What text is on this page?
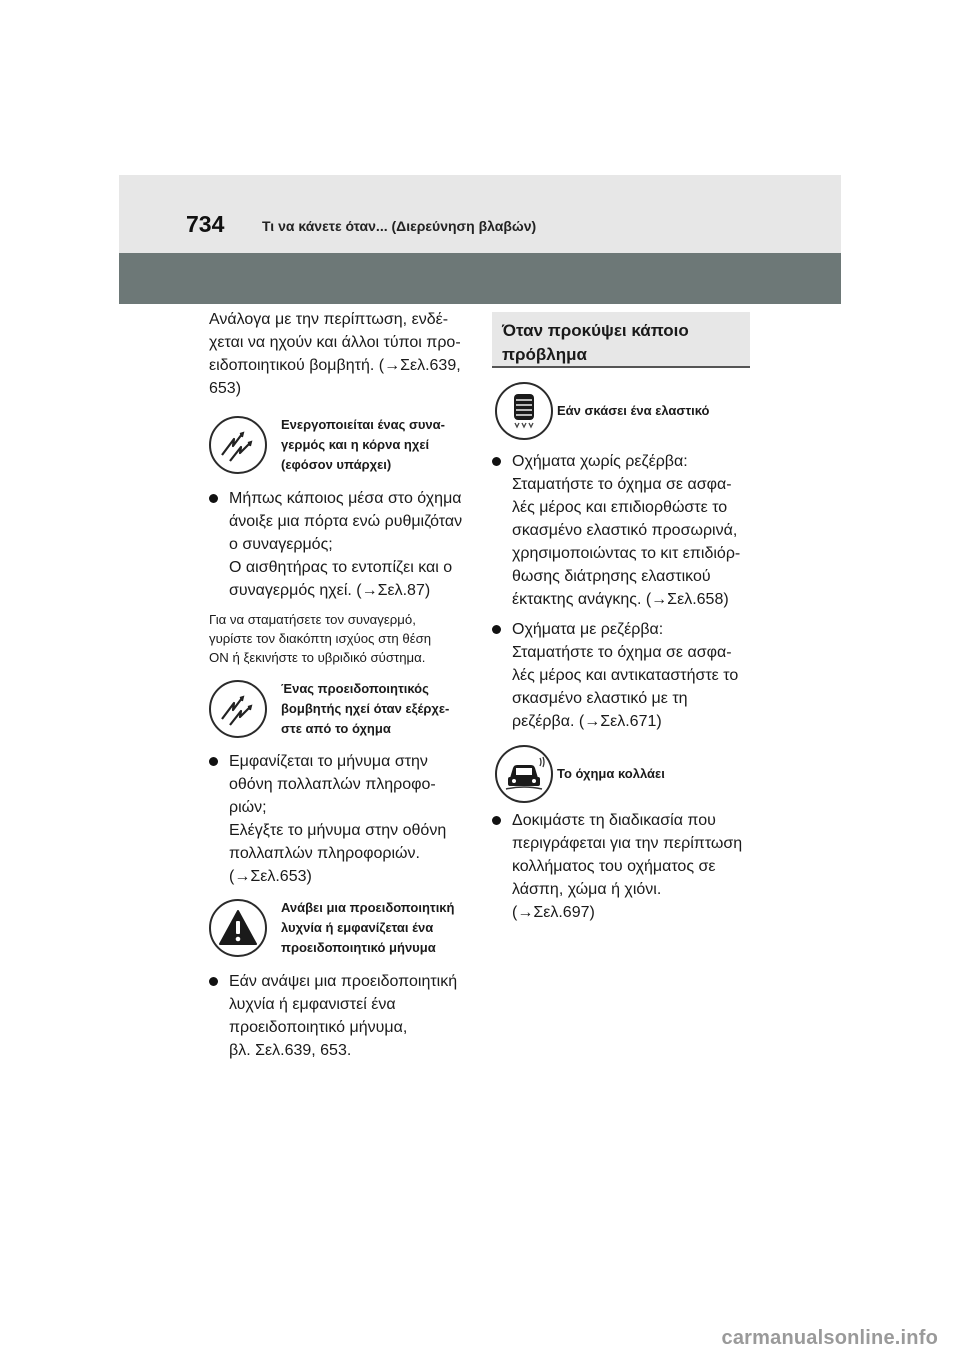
734	Τι να κάνετε όταν... (Διερεύνηση βλαβών)

Ανάλογα με την περίπτωση, ενδέ-
χεται να ηχούν και άλλοι τύποι προ-
ειδοποιητικού βομβητή. (→Σελ.639,
653)

Ενεργοποιείται ένας συνα-
γερμός και η κόρνα ηχεί
(εφόσον υπάρχει)
Μήπως κάποιος μέσα στο όχημα
άνοιξε μια πόρτα ενώ ρυθμιζόταν
ο συναγερμός;
Ο αισθητήρας το εντοπίζει και ο
συναγερμός ηχεί. (→Σελ.87)

Για να σταματήσετε τον συναγερμό,
γυρίστε τον διακόπτη ισχύος στη θέση
ON ή ξεκινήστε το υβριδικό σύστημα.

Ένας προειδοποιητικός
βομβητής ηχεί όταν εξέρχε-
στε από το όχημα
Εμφανίζεται το μήνυμα στην
οθόνη πολλαπλών πληροφο-
ριών;
Ελέγξτε το μήνυμα στην οθόνη
πολλαπλών πληροφοριών.
(→Σελ.653)
Ανάβει μια προειδοποιητική
λυχνία ή εμφανίζεται ένα
προειδοποιητικό μήνυμα
Εάν ανάψει μια προειδοποιητική
λυχνία ή εμφανιστεί ένα
προειδοποιητικό μήνυμα,
βλ. Σελ.639, 653.
Όταν προκύψει κάποιο
πρόβλημα
Εάν σκάσει ένα ελαστικό
Οχήματα χωρίς ρεζέρβα:
Σταματήστε το όχημα σε ασφα-
λές μέρος και επιδιορθώστε το
σκασμένο ελαστικό προσωρινά,
χρησιμοποιώντας το κιτ επιδιόρ-
θωσης διάτρησης ελαστικού
έκτακτης ανάγκης. (→Σελ.658)
Οχήματα με ρεζέρβα:
Σταματήστε το όχημα σε ασφα-
λές μέρος και αντικαταστήστε το
σκασμένο ελαστικό με τη
ρεζέρβα. (→Σελ.671)
Το όχημα κολλάει
Δοκιμάστε τη διαδικασία που
περιγράφεται για την περίπτωση
κολλήματος του οχήματος σε
λάσπη, χώμα ή χιόνι.
(→Σελ.697)
carmanualsonline.info
